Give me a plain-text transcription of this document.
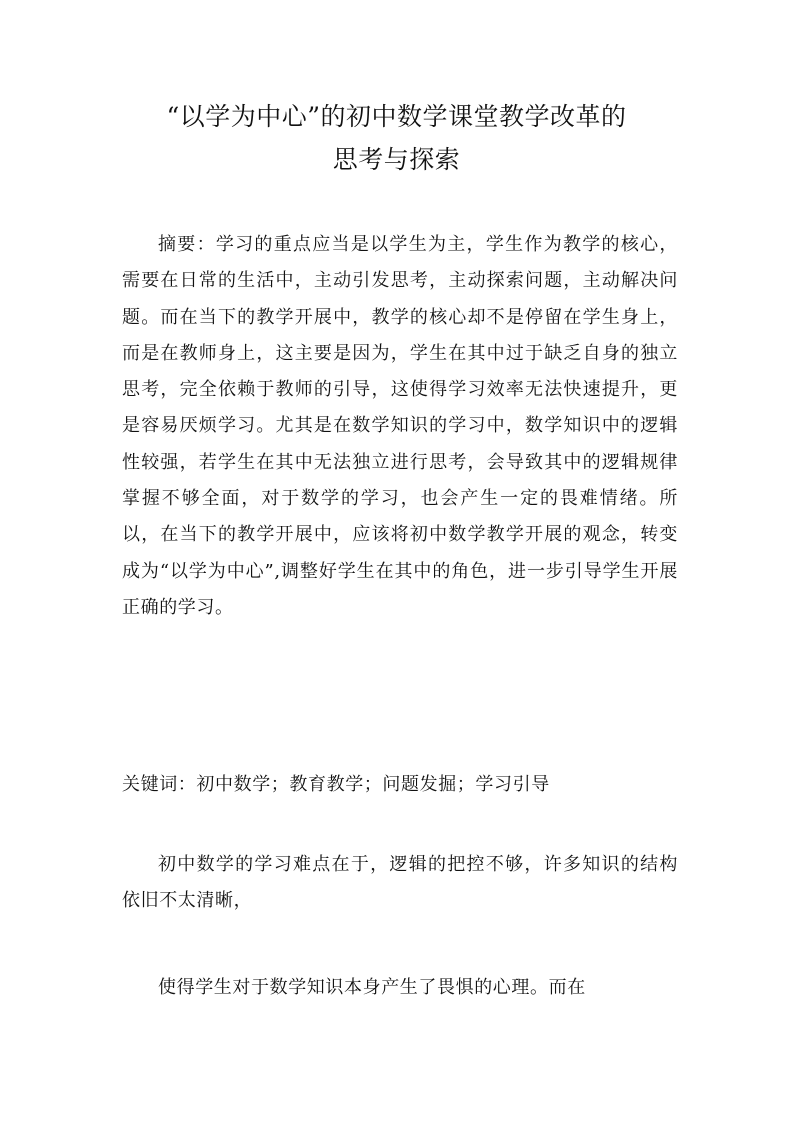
“以学为中心”的初中数学课堂教学改革的
思考与探索

摘要：学习的重点应当是以学生为主，学生作为教学的核心，需要在日常的生活中，主动引发思考，主动探索问题，主动解决问题。而在当下的教学开展中，教学的核心却不是停留在学生身上，而是在教师身上，这主要是因为，学生在其中过于缺乏自身的独立思考，完全依赖于教师的引导，这使得学习效率无法快速提升，更是容易厌烦学习。尤其是在数学知识的学习中，数学知识中的逻辑性较强，若学生在其中无法独立进行思考，会导致其中的逻辑规律掌握不够全面，对于数学的学习，也会产生一定的畏难情绪。所以，在当下的教学开展中，应该将初中数学教学开展的观念，转变成为“以学为中心”,调整好学生在其中的角色，进一步引导学生开展正确的学习。

关键词：初中数学；教育教学；问题发掘；学习引导

初中数学的学习难点在于，逻辑的把控不够，许多知识的结构依旧不太清晰，

使得学生对于数学知识本身产生了畏惧的心理。而在
